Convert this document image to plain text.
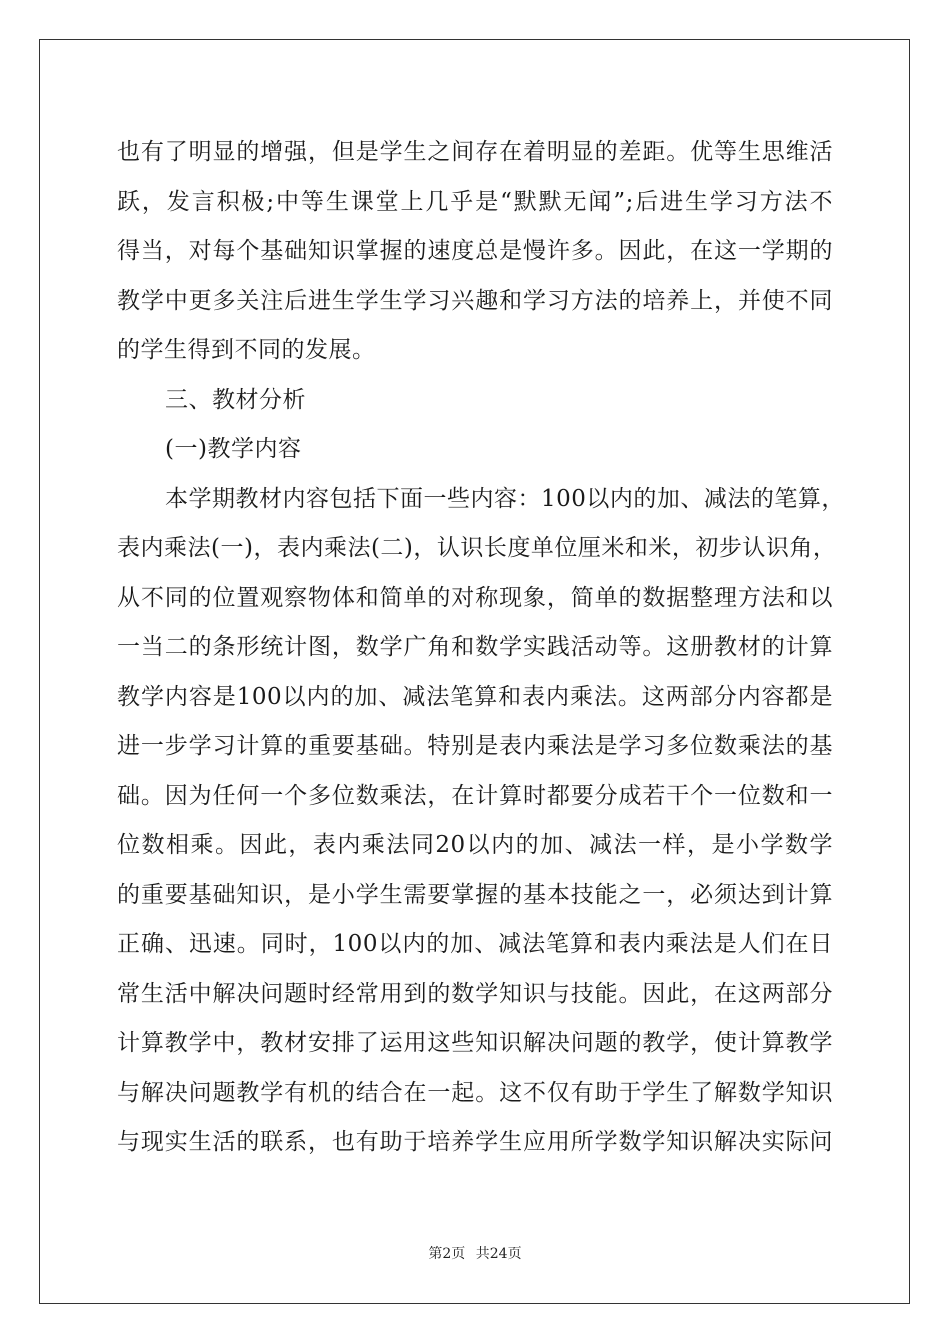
也有了明显的增强，但是学生之间存在着明显的差距。优等生思维活
跃，发言积极;中等生课堂上几乎是“默默无闻”;后进生学习方法不
得当，对每个基础知识掌握的速度总是慢许多。因此，在这一学期的
教学中更多关注后进生学生学习兴趣和学习方法的培养上，并使不同
的学生得到不同的发展。
三、教材分析
(一)教学内容
本学期教材内容包括下面一些内容：100以内的加、减法的笔算，
表内乘法(一)，表内乘法(二)，认识长度单位厘米和米，初步认识角，
从不同的位置观察物体和简单的对称现象，简单的数据整理方法和以
一当二的条形统计图，数学广角和数学实践活动等。这册教材的计算
教学内容是100以内的加、减法笔算和表内乘法。这两部分内容都是
进一步学习计算的重要基础。特别是表内乘法是学习多位数乘法的基
础。因为任何一个多位数乘法，在计算时都要分成若干个一位数和一
位数相乘。因此，表内乘法同20以内的加、减法一样，是小学数学
的重要基础知识，是小学生需要掌握的基本技能之一，必须达到计算
正确、迅速。同时，100以内的加、减法笔算和表内乘法是人们在日
常生活中解决问题时经常用到的数学知识与技能。因此，在这两部分
计算教学中，教材安排了运用这些知识解决问题的教学，使计算教学
与解决问题教学有机的结合在一起。这不仅有助于学生了解数学知识
与现实生活的联系，也有助于培养学生应用所学数学知识解决实际问
第2页 共24页
